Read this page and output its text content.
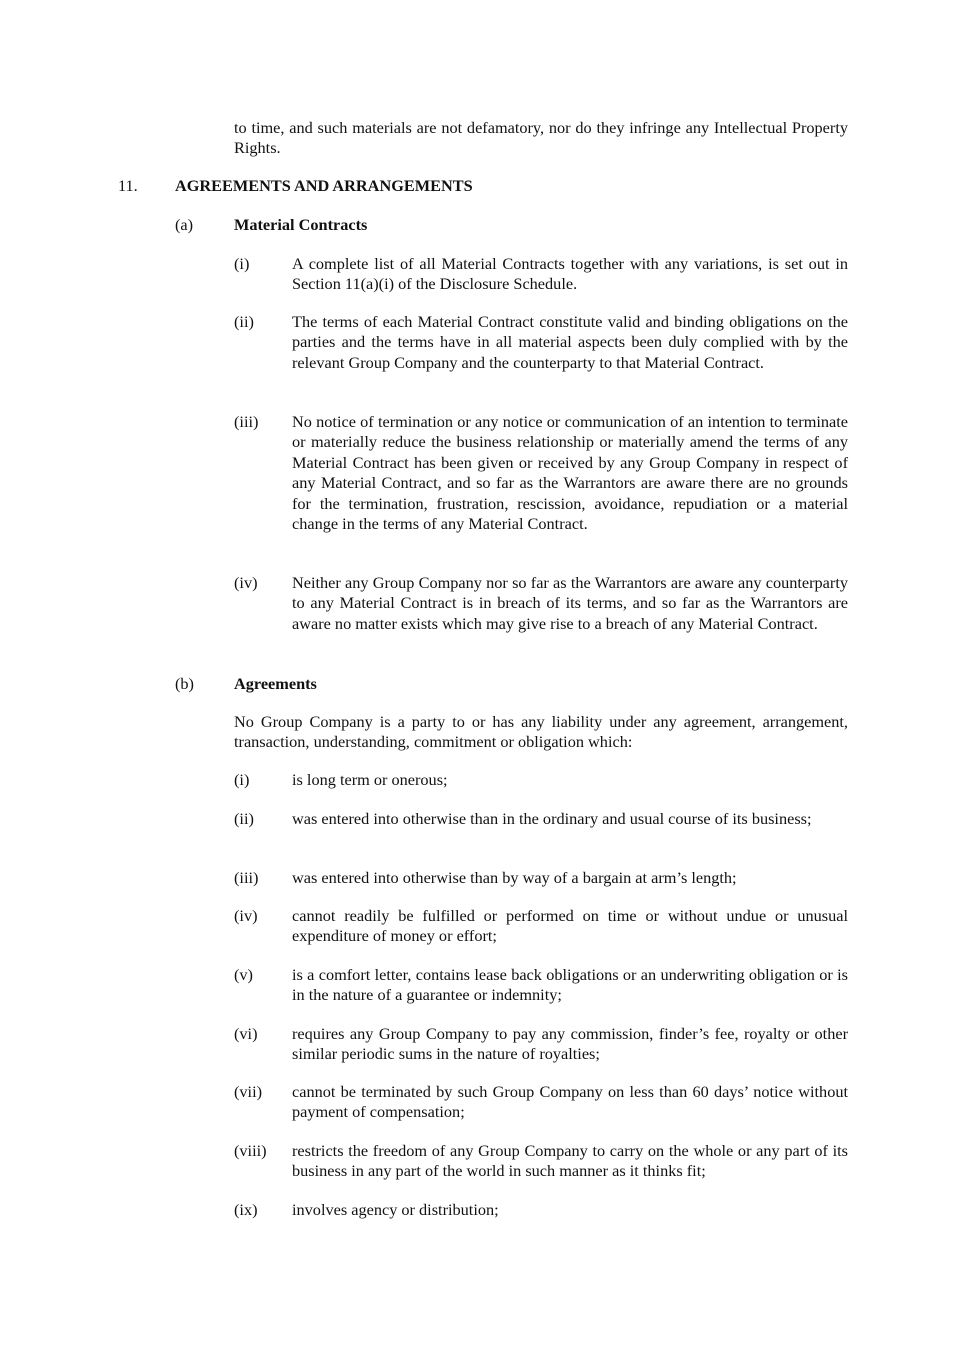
to time, and such materials are not defamatory, nor do they infringe any Intellectual Property Rights.
11. AGREEMENTS AND ARRANGEMENTS
(a)	Material Contracts
(i)	A complete list of all Material Contracts together with any variations, is set out in Section 11(a)(i) of the Disclosure Schedule.
(ii) The terms of each Material Contract constitute valid and binding obligations on the parties and the terms have in all material aspects been duly complied with by the relevant Group Company and the counterparty to that Material Contract.
(iii) No notice of termination or any notice or communication of an intention to terminate or materially reduce the business relationship or materially amend the terms of any Material Contract has been given or received by any Group Company in respect of any Material Contract, and so far as the Warrantors are aware there are no grounds for the termination, frustration, rescission, avoidance, repudiation or a material change in the terms of any Material Contract.
(iv) Neither any Group Company nor so far as the Warrantors are aware any counterparty to any Material Contract is in breach of its terms, and so far as the Warrantors are aware no matter exists which may give rise to a breach of any Material Contract.
(b) Agreements
No Group Company is a party to or has any liability under any agreement, arrangement, transaction, understanding, commitment or obligation which:
(i)	is long term or onerous;
(ii) was entered into otherwise than in the ordinary and usual course of its business;
(iii) was entered into otherwise than by way of a bargain at arm’s length;
(iv) cannot readily be fulfilled or performed on time or without undue or unusual expenditure of money or effort;
(v) is a comfort letter, contains lease back obligations or an underwriting obligation or is in the nature of a guarantee or indemnity;
(vi) requires any Group Company to pay any commission, finder’s fee, royalty or other similar periodic sums in the nature of royalties;
(vii) cannot be terminated by such Group Company on less than 60 days’ notice without payment of compensation;
(viii) restricts the freedom of any Group Company to carry on the whole or any part of its business in any part of the world in such manner as it thinks fit;
(ix) involves agency or distribution;
